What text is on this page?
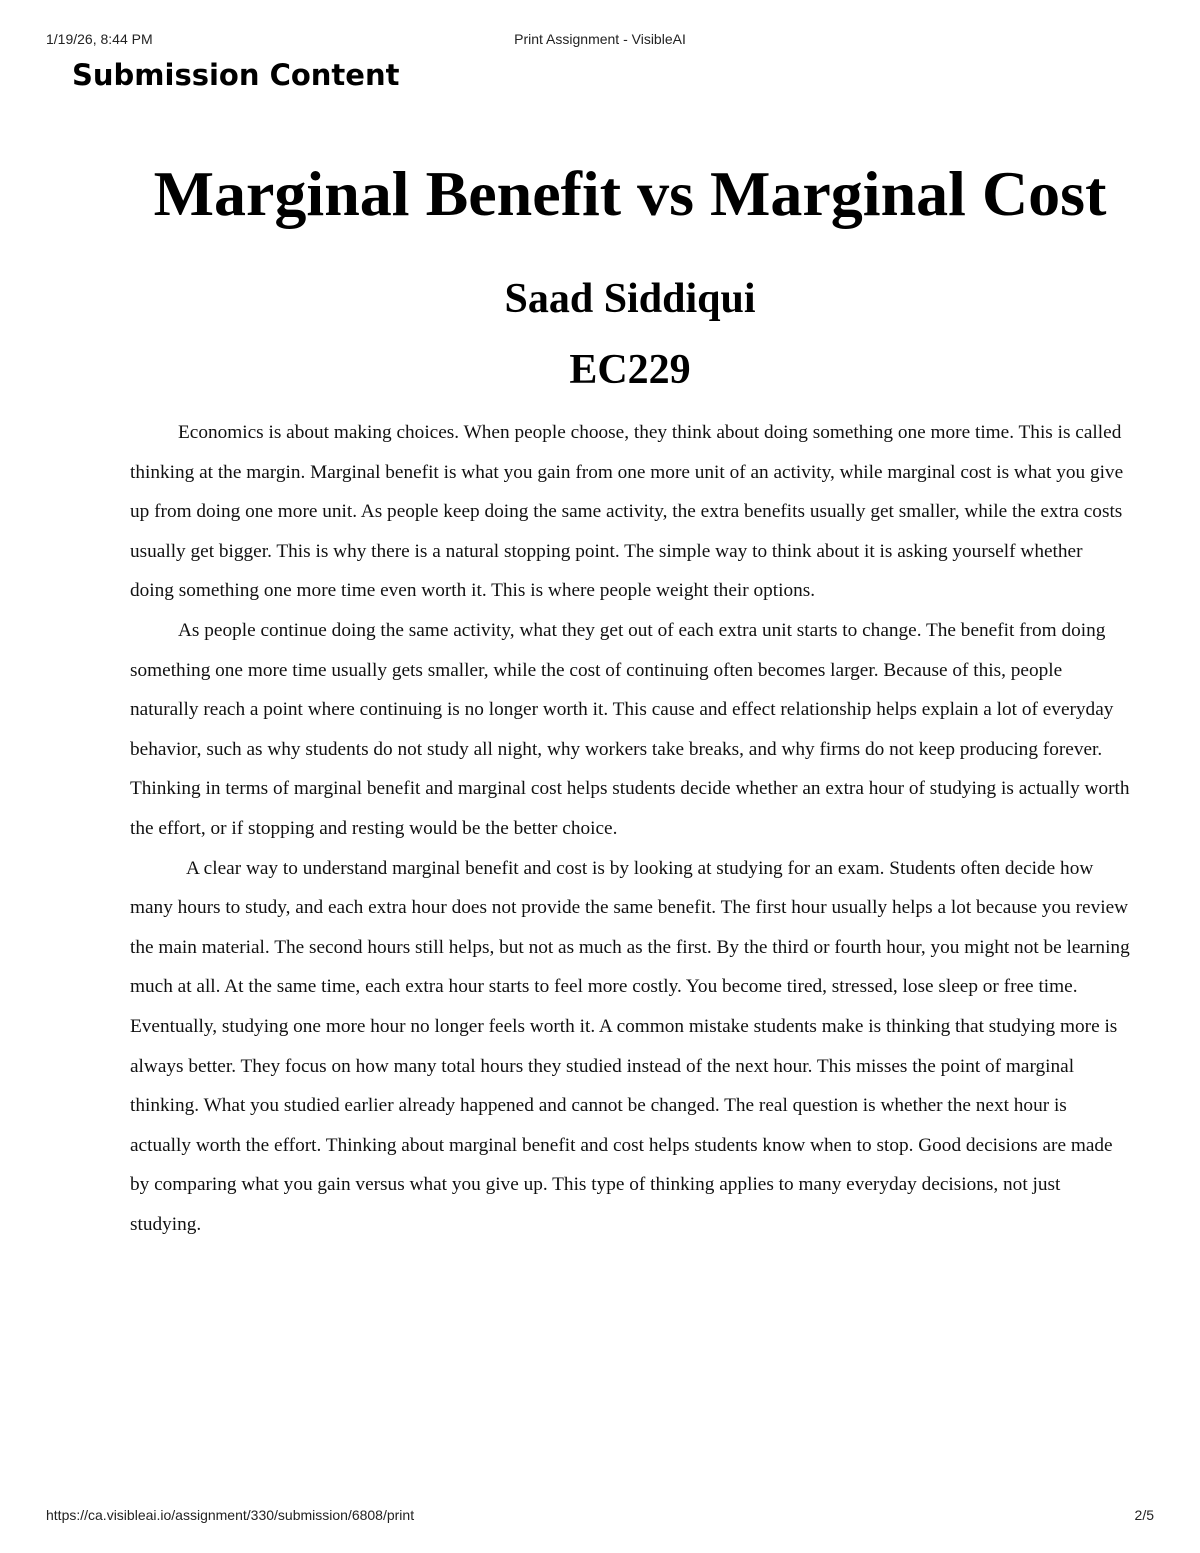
1/19/26, 8:44 PM	Print Assignment - VisibleAI
Submission Content
Marginal Benefit vs Marginal Cost
Saad Siddiqui
EC229

Economics is about making choices. When people choose, they think about doing something one more time. This is called thinking at the margin. Marginal benefit is what you gain from one more unit of an activity, while marginal cost is what you give up from doing one more unit. As people keep doing the same activity, the extra benefits usually get smaller, while the extra costs usually get bigger. This is why there is a natural stopping point. The simple way to think about it is asking yourself whether doing something one more time even worth it. This is where people weight their options.

As people continue doing the same activity, what they get out of each extra unit starts to change. The benefit from doing something one more time usually gets smaller, while the cost of continuing often becomes larger. Because of this, people naturally reach a point where continuing is no longer worth it. This cause and effect relationship helps explain a lot of everyday behavior, such as why students do not study all night, why workers take breaks, and why firms do not keep producing forever. Thinking in terms of marginal benefit and marginal cost helps students decide whether an extra hour of studying is actually worth the effort, or if stopping and resting would be the better choice.

A clear way to understand marginal benefit and cost is by looking at studying for an exam. Students often decide how many hours to study, and each extra hour does not provide the same benefit. The first hour usually helps a lot because you review the main material. The second hours still helps, but not as much as the first. By the third or fourth hour, you might not be learning much at all. At the same time, each extra hour starts to feel more costly. You become tired, stressed, lose sleep or free time. Eventually, studying one more hour no longer feels worth it. A common mistake students make is thinking that studying more is always better. They focus on how many total hours they studied instead of the next hour. This misses the point of marginal thinking. What you studied earlier already happened and cannot be changed. The real question is whether the next hour is actually worth the effort. Thinking about marginal benefit and cost helps students know when to stop. Good decisions are made by comparing what you gain versus what you give up. This type of thinking applies to many everyday decisions, not just studying.

https://ca.visibleai.io/assignment/330/submission/6808/print	2/5
